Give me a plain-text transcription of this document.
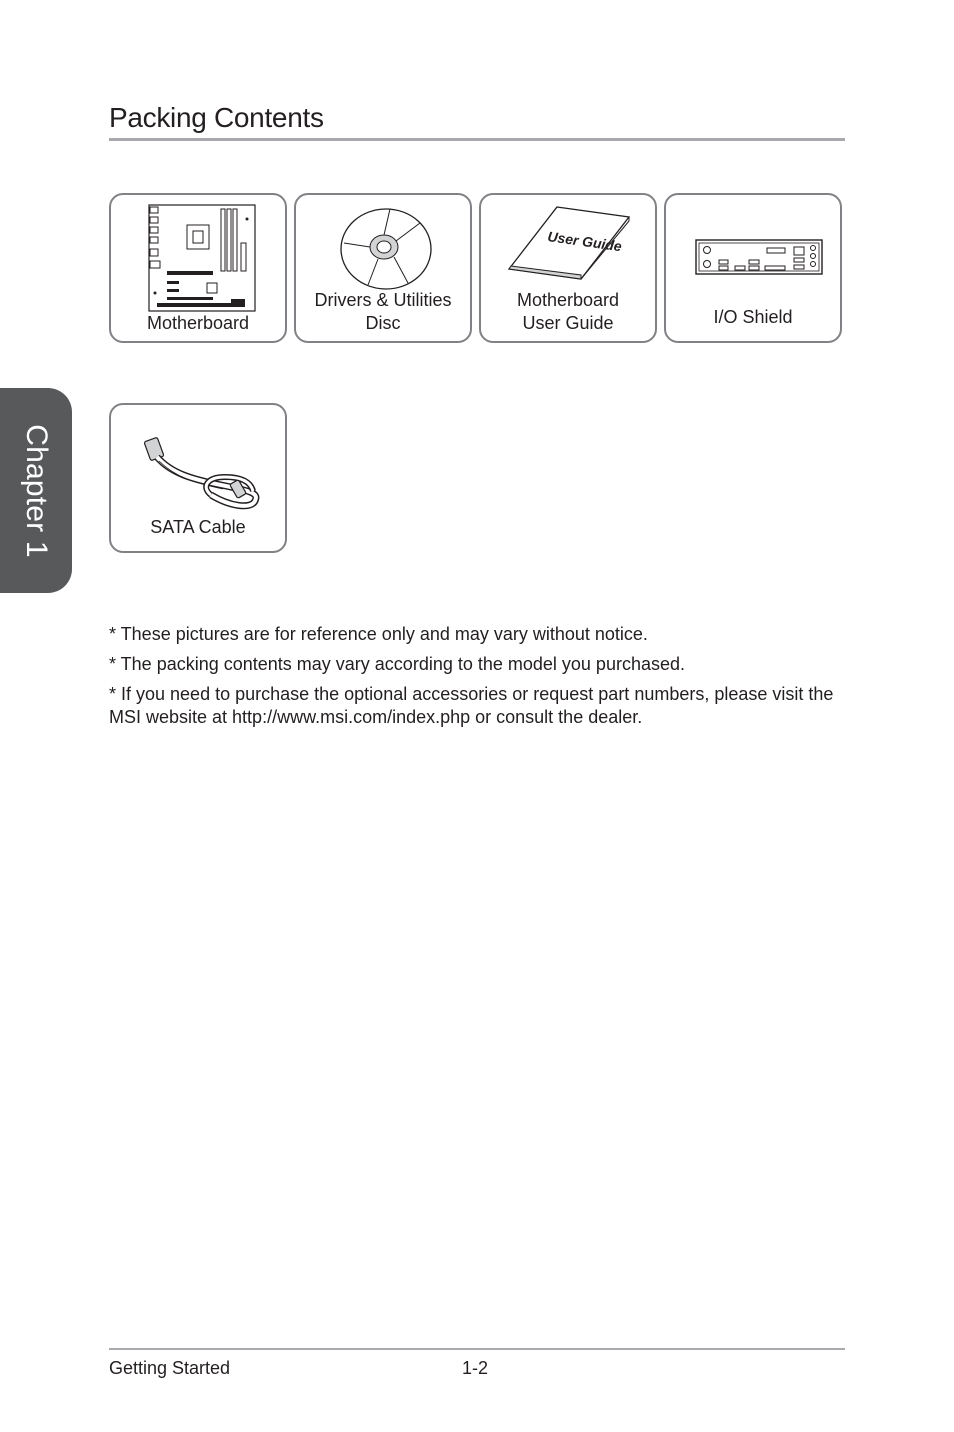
Packing Contents
Chapter 1
Motherboard
Drivers & Utilities
Disc
User Guide
Motherboard
User Guide	I/O Shield
SATA Cable

* These pictures are for reference only and may vary without notice.

* The packing contents may vary according to the model you purchased.

* If you need to purchase the optional accessories or request part numbers, please visit the MSI website at http://www.msi.com/index.php or consult the dealer.

Getting Started	1-2
